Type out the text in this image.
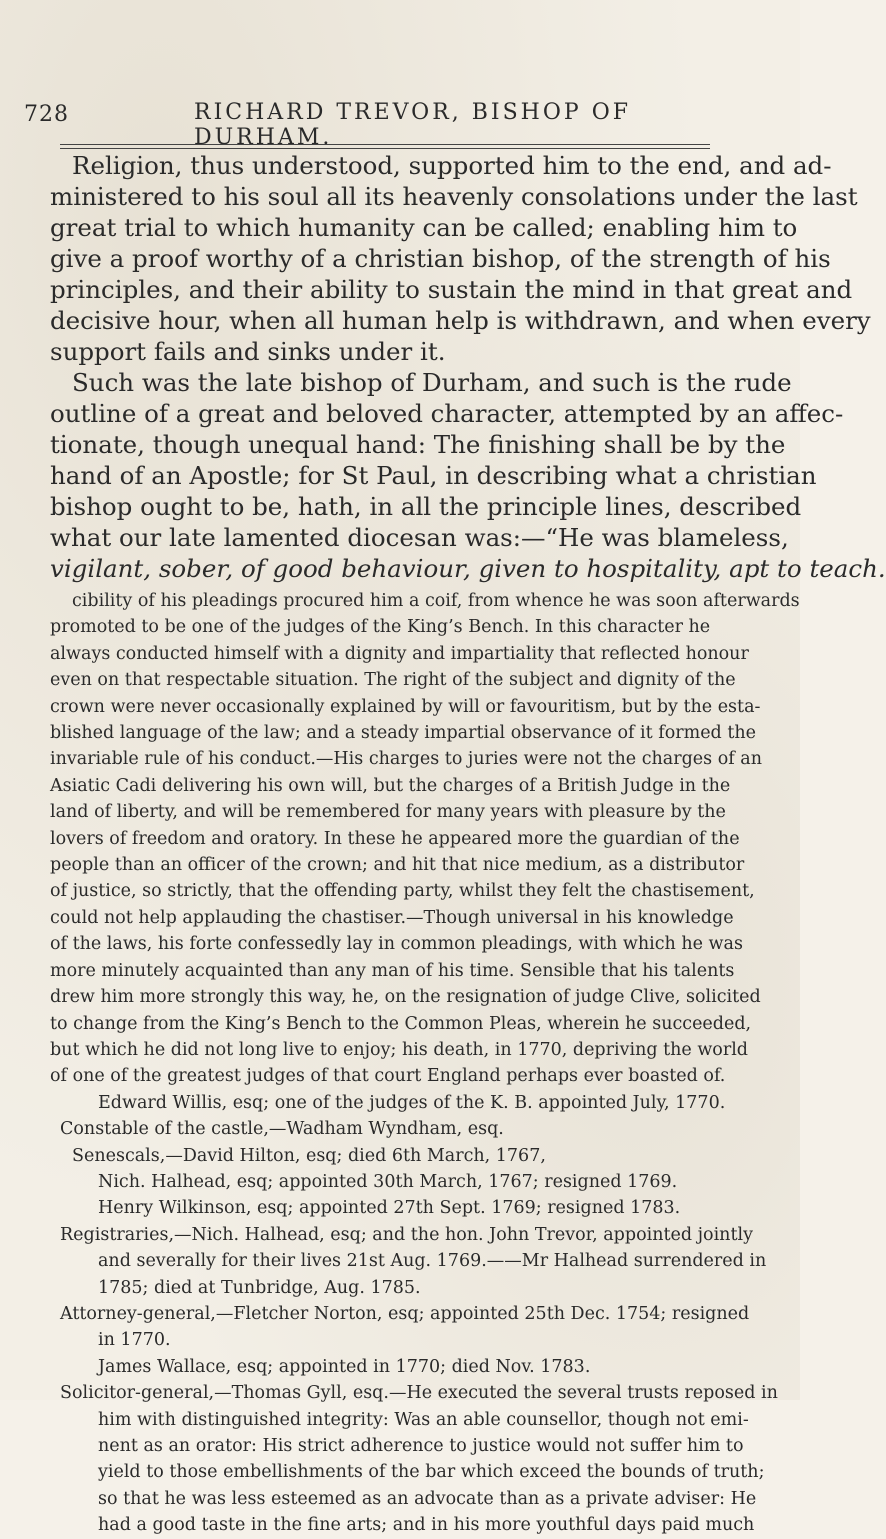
728	RICHARD TREVOR, BISHOP OF DURHAM.

Religion, thus understood, supported him to the end, and ad-

ministered to his soul all its heavenly consolations under the last

great trial to which humanity can be called; enabling him to

give a proof worthy of a christian bishop, of the strength of his

principles, and their ability to sustain the mind in that great and

decisive hour, when all human help is withdrawn, and when every

support fails and sinks under it.

Such was the late bishop of Durham, and such is the rude

outline of a great and beloved character, attempted by an affec-

tionate, though unequal hand: The finishing shall be by the

hand of an Apostle; for St Paul, in describing what a christian

bishop ought to be, hath, in all the principle lines, described

what our late lamented diocesan was:—“He was blameless,

vigilant, sober, of good behaviour, given to hospitality, apt to teach.

cibility of his pleadings procured him a coif, from whence he was soon afterwards

promoted to be one of the judges of the King’s Bench. In this character he

always conducted himself with a dignity and impartiality that reflected honour

even on that respectable situation. The right of the subject and dignity of the

crown were never occasionally explained by will or favouritism, but by the esta-

blished language of the law; and a steady impartial observance of it formed the

invariable rule of his conduct.—His charges to juries were not the charges of an

Asiatic Cadi delivering his own will, but the charges of a British Judge in the

land of liberty, and will be remembered for many years with pleasure by the

lovers of freedom and oratory. In these he appeared more the guardian of the

people than an officer of the crown; and hit that nice medium, as a distributor

of justice, so strictly, that the offending party, whilst they felt the chastisement,

could not help applauding the chastiser.—Though universal in his knowledge

of the laws, his forte confessedly lay in common pleadings, with which he was

more minutely acquainted than any man of his time. Sensible that his talents

drew him more strongly this way, he, on the resignation of judge Clive, solicited

to change from the King’s Bench to the Common Pleas, wherein he succeeded,

but which he did not long live to enjoy; his death, in 1770, depriving the world

of one of the greatest judges of that court England perhaps ever boasted of.

Edward Willis, esq; one of the judges of the K. B. appointed July, 1770.

Constable of the castle,—Wadham Wyndham, esq.

Senescals,—David Hilton, esq; died 6th March, 1767,

Nich. Halhead, esq; appointed 30th March, 1767; resigned 1769.

Henry Wilkinson, esq; appointed 27th Sept. 1769; resigned 1783.

Registraries,—Nich. Halhead, esq; and the hon. John Trevor, appointed jointly

and severally for their lives 21st Aug. 1769.——Mr Halhead surrendered in

1785; died at Tunbridge, Aug. 1785.

Attorney-general,—Fletcher Norton, esq; appointed 25th Dec. 1754; resigned

in 1770.

James Wallace, esq; appointed in 1770; died Nov. 1783.

Solicitor-general,—Thomas Gyll, esq.—He executed the several trusts reposed in

him with distinguished integrity: Was an able counsellor, though not emi-

nent as an orator: His strict adherence to justice would not suffer him to

yield to those embellishments of the bar which exceed the bounds of truth;

so that he was less esteemed as an advocate than as a private adviser: He

had a good taste in the fine arts; and in his more youthful days paid much
